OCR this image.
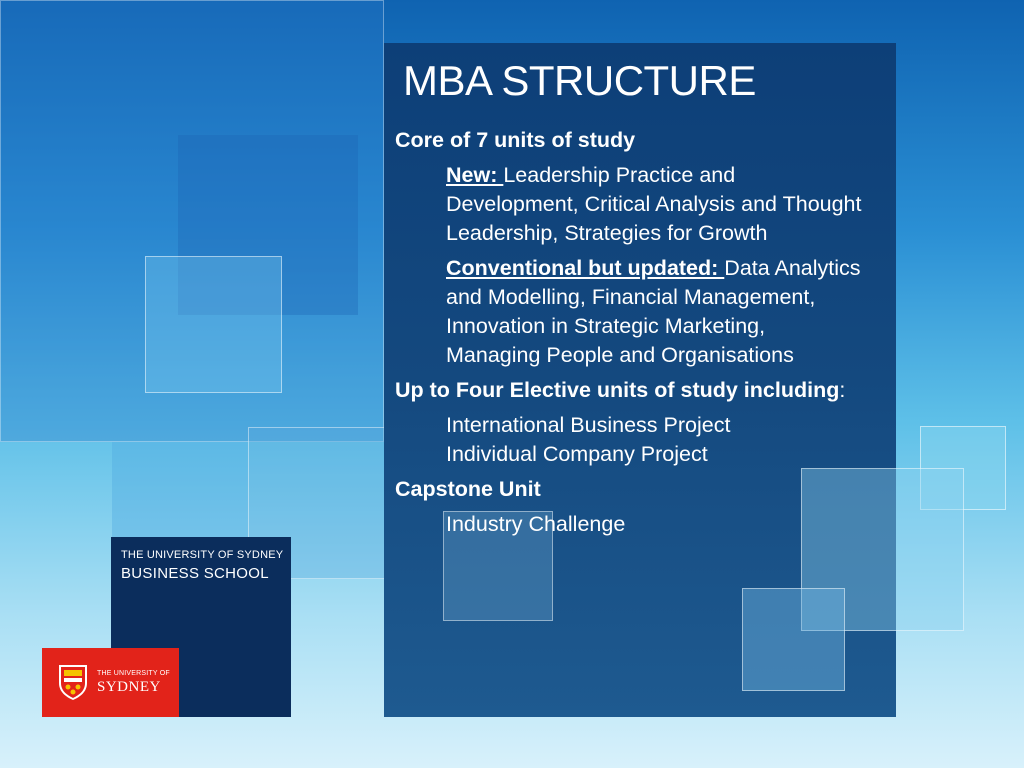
MBA STRUCTURE
Core of 7 units of study
New: Leadership Practice and Development, Critical Analysis and Thought Leadership, Strategies for Growth
Conventional but updated: Data Analytics and Modelling, Financial Management, Innovation in Strategic Marketing, Managing People and Organisations
Up to Four Elective units of study including:
International Business Project
Individual Company Project
Capstone Unit
Industry Challenge
THE UNIVERSITY OF SYDNEY
BUSINESS SCHOOL
THE UNIVERSITY OF
SYDNEY
